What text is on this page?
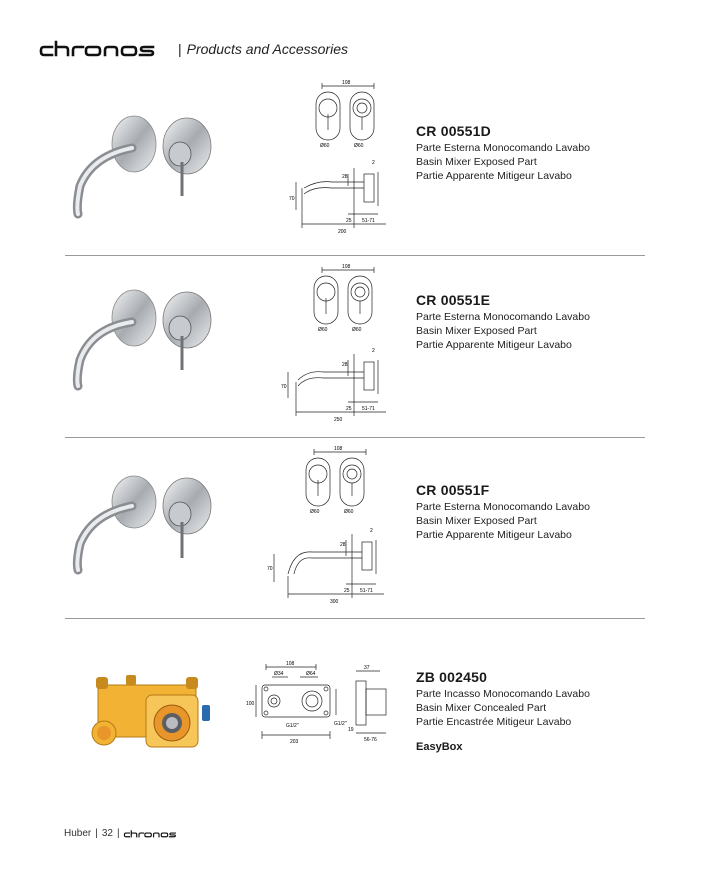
| Products and Accessories
108
Ø60	Ø60
70
28
2
25 51-71
200
CR 00551D
Parte Esterna Monocomando Lavabo
Basin Mixer Exposed Part
Partie Apparente Mitigeur Lavabo
108
Ø60	Ø60
70
28
2
25 51-71
250
CR 00551E
Parte Esterna Monocomando Lavabo
Basin Mixer Exposed Part
Partie Apparente Mitigeur Lavabo
108
Ø60	Ø60
70
28
2
25 51-71
300
CR 00551F
Parte Esterna Monocomando Lavabo
Basin Mixer Exposed Part
Partie Apparente Mitigeur Lavabo
108
Ø34	Ø64
100
G1/2"	G1/2"
203
37
19
56-76
ZB 002450
Parte Incasso Monocomando Lavabo
Basin Mixer Concealed Part
Partie Encastrée Mitigeur Lavabo
EasyBox
Huber | 32 |
